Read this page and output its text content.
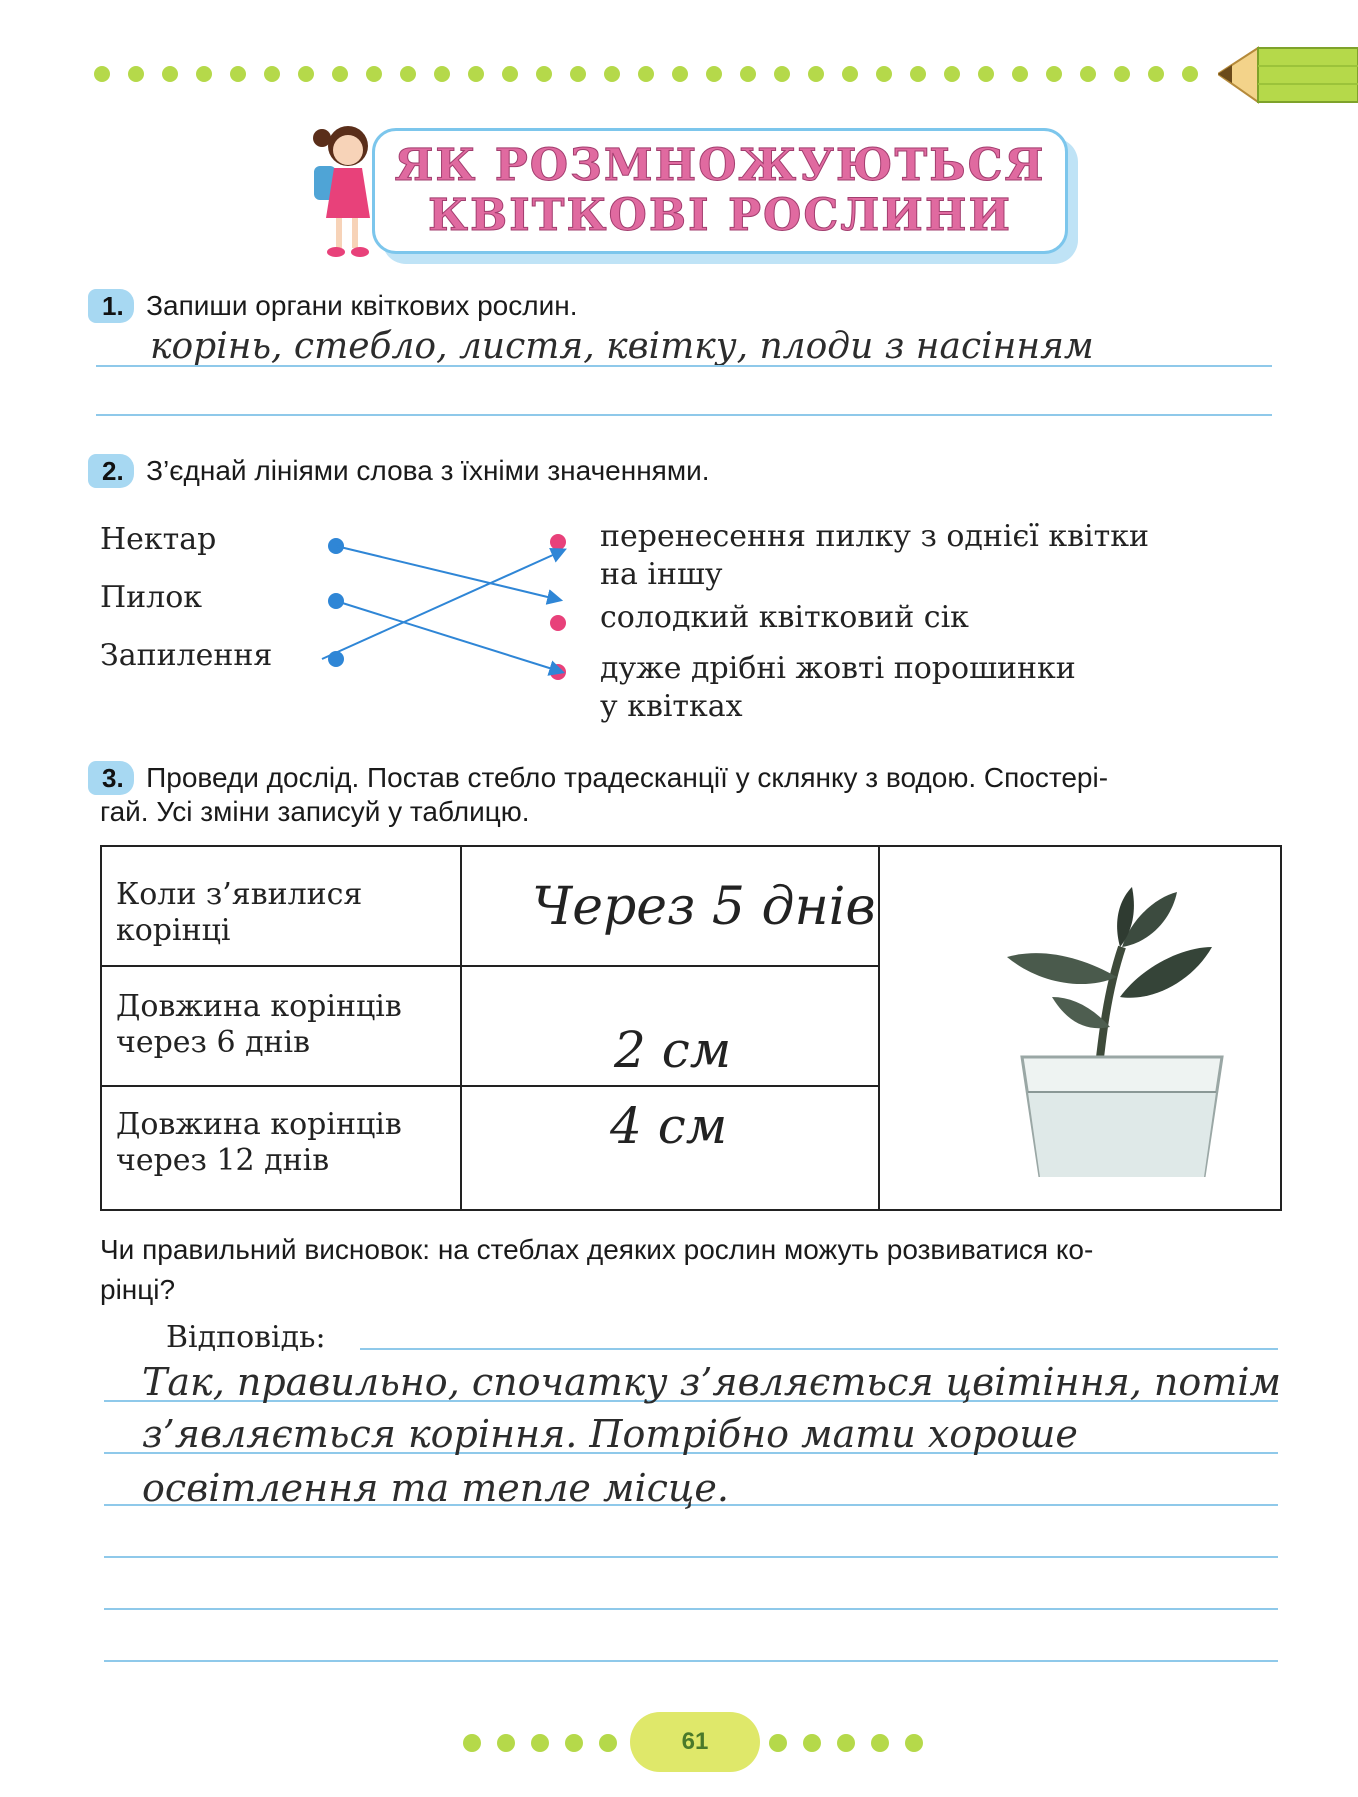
ЯК РОЗМНОЖУЮТЬСЯ
КВІТКОВІ РОСЛИНИ
1. Запиши органи квіткових рослин.
корінь, стебло, листя, квітку, плоди з насінням
2. З’єднай лініями слова з їхніми значеннями.
Нектар
Пилок
Запилення
перенесення пилку з однієї квітки
на іншу
солодкий квітковий сік
дуже дрібні жовті порошинки
у квітках
3. Проведи дослід. Постав стебло традесканції у склянку з водою. Спостері-
гай. Усі зміни записуй у таблицю.
Коли з’явилися
корінці	Через 5 днів
Довжина корінців
через 6 днів	2 см
Довжина корінців
через 12 днів
4 см
Чи правильний висновок: на стеблах деяких рослин можуть розвиватися ко-
рінці?
Відповідь:
Так, правильно, спочатку з’являється цвітіння, потім
з’являється коріння. Потрібно мати хороше
освітлення та тепле місце.
61
